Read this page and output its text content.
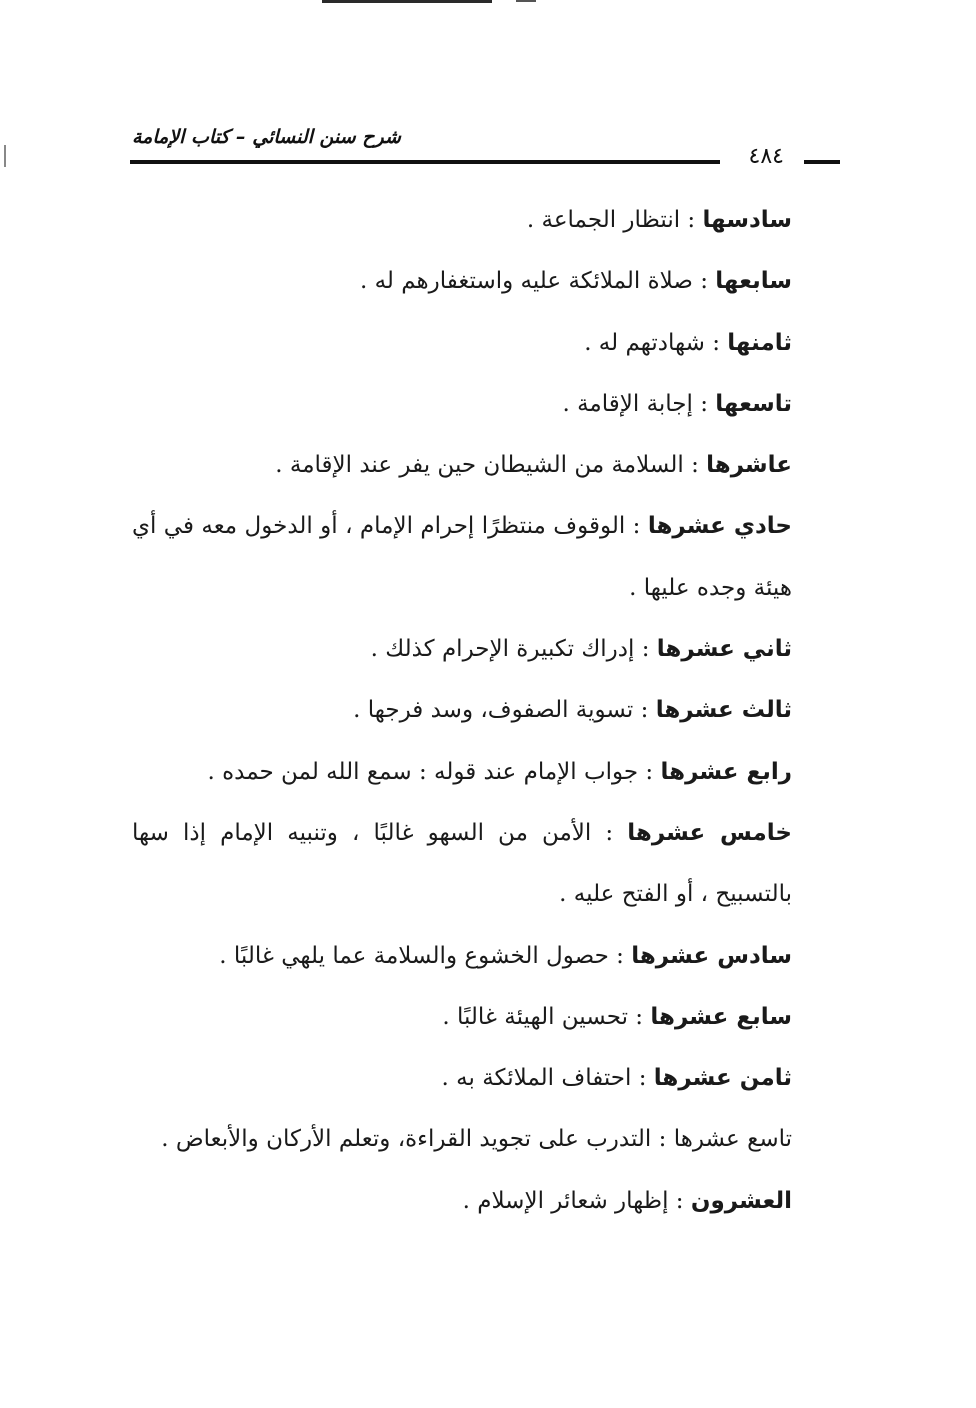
شرح سنن النسائي – كتاب الإمامة
٤٨٤

سادسها : انتظار الجماعة .

سابعها : صلاة الملائكة عليه واستغفارهم له .

ثامنها : شهادتهم له .

تاسعها : إجابة الإقامة .

عاشرها : السلامة من الشيطان حين يفر عند الإقامة .

حادي عشرها : الوقوف منتظرًا إحرام الإمام ، أو الدخول معه في أي هيئة وجده عليها .

ثاني عشرها : إدراك تكبيرة الإحرام كذلك .

ثالث عشرها : تسوية الصفوف، وسد فرجها .

رابع عشرها : جواب الإمام عند قوله : سمع الله لمن حمده .

خامس عشرها : الأمن من السهو غالبًا ، وتنبيه الإمام إذا سها بالتسبيح ، أو الفتح عليه .

سادس عشرها : حصول الخشوع والسلامة عما يلهي غالبًا .

سابع عشرها : تحسين الهيئة غالبًا .

ثامن عشرها : احتفاف الملائكة به .

تاسع عشرها : التدرب على تجويد القراءة، وتعلم الأركان والأبعاض .

العشرون : إظهار شعائر الإسلام .
